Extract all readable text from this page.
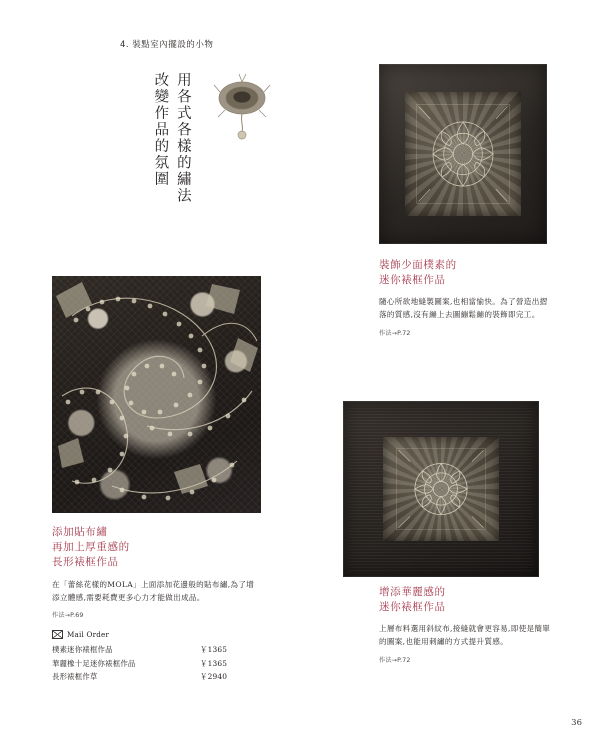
4. 裝點室內擺設的小物
用各式各樣的繡法
改變作品的氛圍
裝飾少面樸素的
迷你裱框作品
隨心所欲地縫製圖案,也相當愉快。為了營造出摺落的質感,沒有繃上去圖繃鬆繃的裝飾即完工。
作法→P.72
添加貼布繡
再加上厚重感的
長形裱框作品
在「蕾絲花樣的MOLA」上面添加花邊般的貼布繡,為了增添立體感,需要耗費更多心力才能做出成品。
作法→P.69
增添華麗感的
迷你裱框作品
上層布料選用斜紋布,接縫就會更容易,即使是簡單的圖案,也能用刺繡的方式提升質感。
作法→P.72
Mail Order
樸素迷你裱框作品	￥1365
華麗橡十足迷你裱框作品	￥1365
長形裱框作草	￥2940
36
